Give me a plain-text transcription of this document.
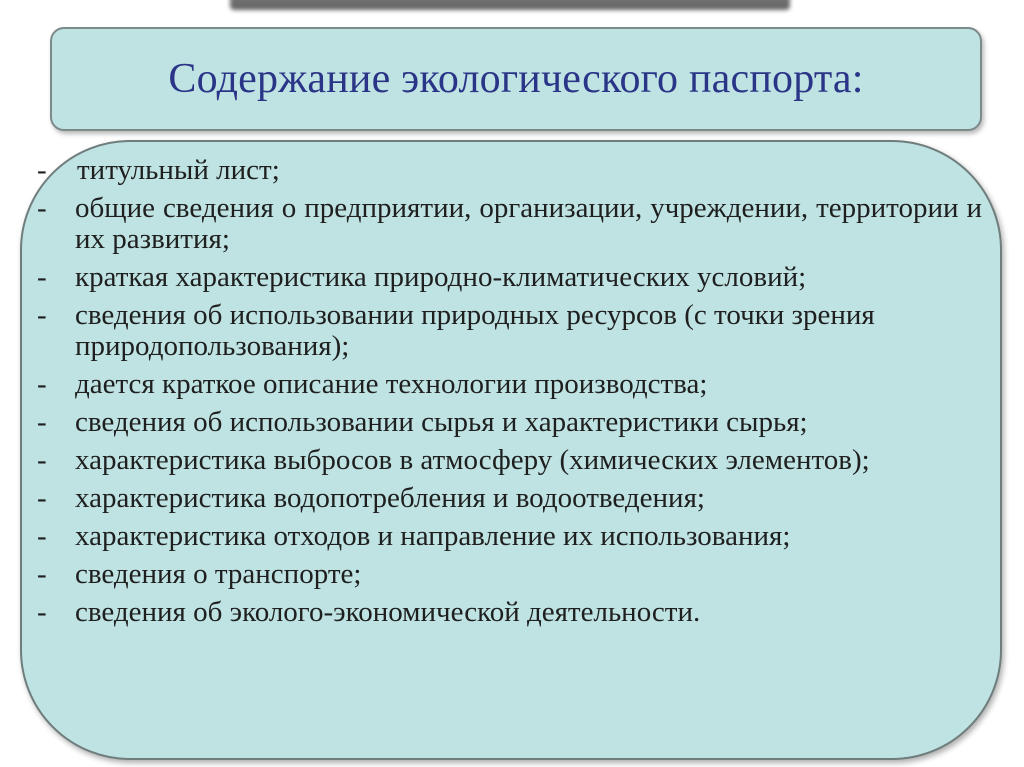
Содержание экологического паспорта:
- титульный лист;
- общие сведения о предприятии, организации, учреждении, территории и их развития;
- краткая характеристика природно-климатических условий;
- сведения об использовании природных ресурсов (с точки зрения природопользования);
- дается краткое описание технологии производства;
- сведения об использовании сырья и характеристики сырья;
- характеристика выбросов в атмосферу (химических элементов);
- характеристика водопотребления и водоотведения;
- характеристика отходов и направление их использования;
- сведения о транспорте;
- сведения об эколого-экономической деятельности.
